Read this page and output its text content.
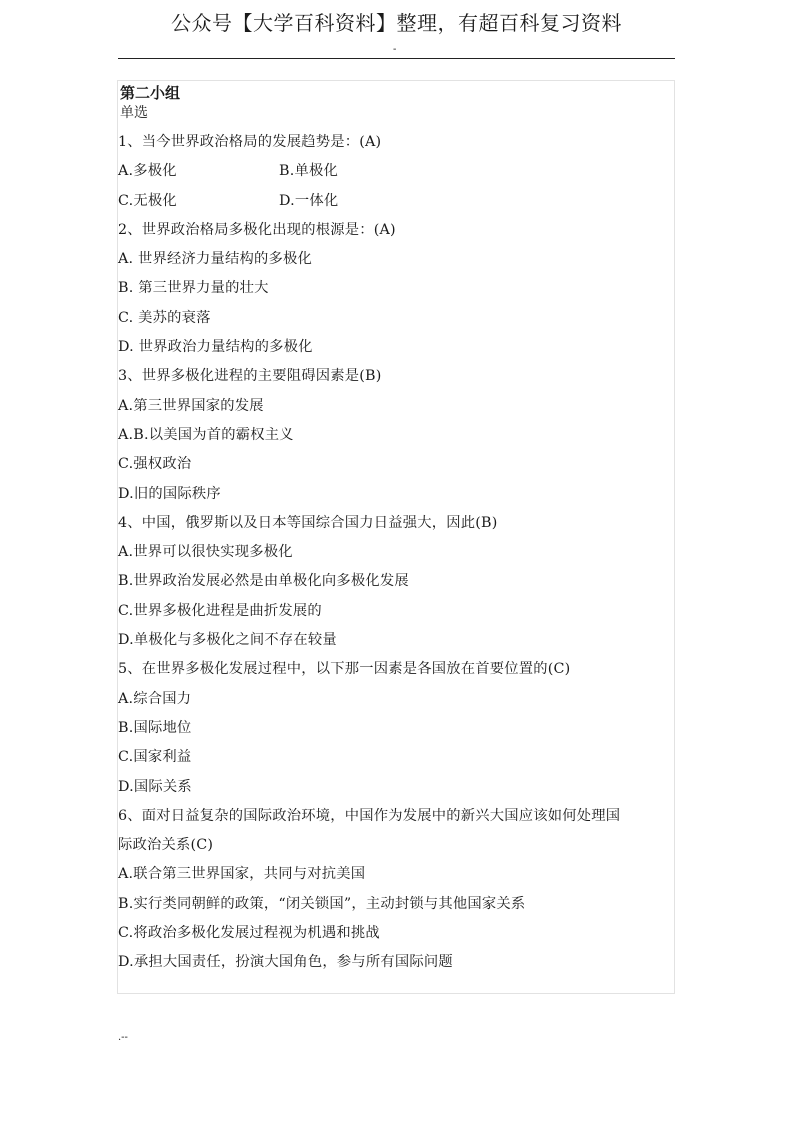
公众号【大学百科资料】整理，有超百科复习资料
-
第二小组
单选
1、当今世界政治格局的发展趋势是：(A)
A.多极化	B.单极化
C.无极化	D.一体化
2、世界政治格局多极化出现的根源是：(A)
A. 世界经济力量结构的多极化
B. 第三世界力量的壮大
C. 美苏的衰落
D. 世界政治力量结构的多极化
3、世界多极化进程的主要阻碍因素是(B)
A.第三世界国家的发展
A.B.以美国为首的霸权主义
C.强权政治
D.旧的国际秩序
4、中国，俄罗斯以及日本等国综合国力日益强大，因此(B)
A.世界可以很快实现多极化
B.世界政治发展必然是由单极化向多极化发展
C.世界多极化进程是曲折发展的
D.单极化与多极化之间不存在较量
5、在世界多极化发展过程中，以下那一因素是各国放在首要位置的(C)
A.综合国力
B.国际地位
C.国家利益
D.国际关系
6、面对日益复杂的国际政治环境，中国作为发展中的新兴大国应该如何处理国
际政治关系(C)
A.联合第三世界国家，共同与对抗美国
B.实行类同朝鲜的政策，“闭关锁国”，主动封锁与其他国家关系
C.将政治多极化发展过程视为机遇和挑战
D.承担大国责任，扮演大国角色，参与所有国际问题
.--
